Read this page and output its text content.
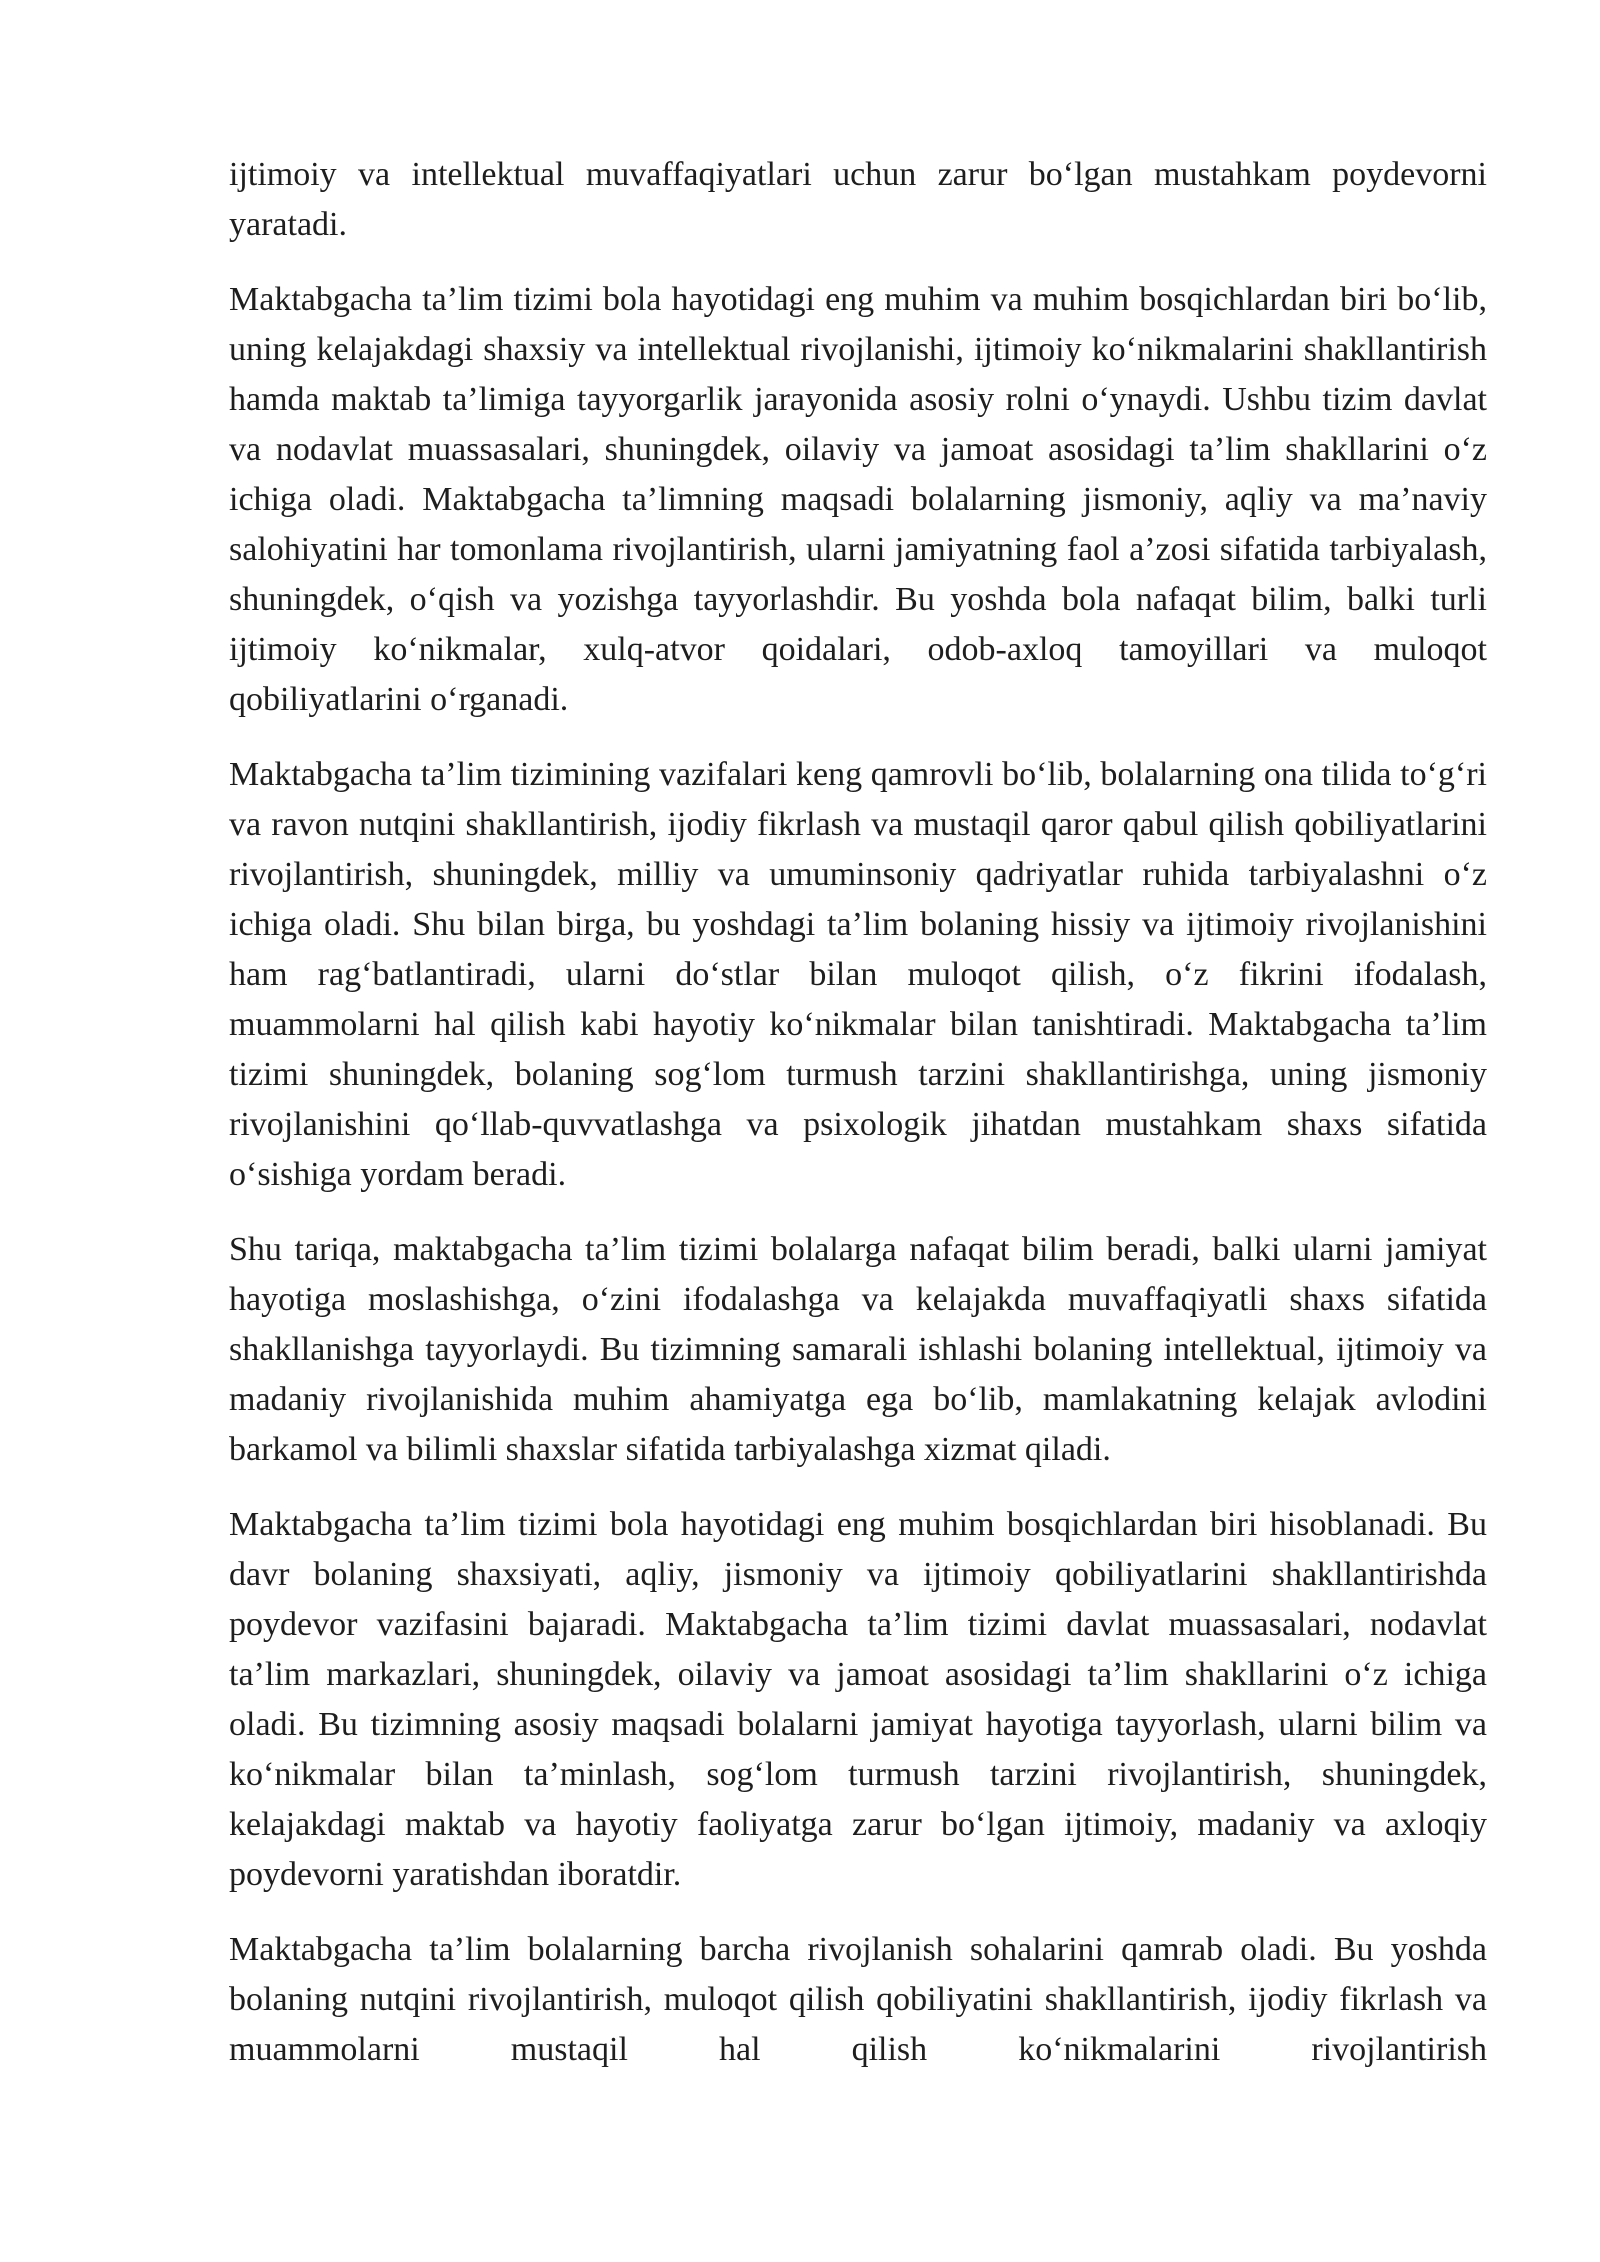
ijtimoiy va intellektual muvaffaqiyatlari uchun zarur bo‘lgan mustahkam poydevorni yaratadi.

Maktabgacha ta’lim tizimi bola hayotidagi eng muhim va muhim bosqichlardan biri bo‘lib, uning kelajakdagi shaxsiy va intellektual rivojlanishi, ijtimoiy ko‘nikmalarini shakllantirish hamda maktab ta’limiga tayyorgarlik jarayonida asosiy rolni o‘ynaydi. Ushbu tizim davlat va nodavlat muassasalari, shuningdek, oilaviy va jamoat asosidagi ta’lim shakllarini o‘z ichiga oladi. Maktabgacha ta’limning maqsadi bolalarning jismoniy, aqliy va ma’naviy salohiyatini har tomonlama rivojlantirish, ularni jamiyatning faol a’zosi sifatida tarbiyalash, shuningdek, o‘qish va yozishga tayyorlashdir. Bu yoshda bola nafaqat bilim, balki turli ijtimoiy ko‘nikmalar, xulq-atvor qoidalari, odob-axloq tamoyillari va muloqot qobiliyatlarini o‘rganadi.

Maktabgacha ta’lim tizimining vazifalari keng qamrovli bo‘lib, bolalarning ona tilida to‘g‘ri va ravon nutqini shakllantirish, ijodiy fikrlash va mustaqil qaror qabul qilish qobiliyatlarini rivojlantirish, shuningdek, milliy va umuminsoniy qadriyatlar ruhida tarbiyalashni o‘z ichiga oladi. Shu bilan birga, bu yoshdagi ta’lim bolaning hissiy va ijtimoiy rivojlanishini ham rag‘batlantiradi, ularni do‘stlar bilan muloqot qilish, o‘z fikrini ifodalash, muammolarni hal qilish kabi hayotiy ko‘nikmalar bilan tanishtiradi. Maktabgacha ta’lim tizimi shuningdek, bolaning sog‘lom turmush tarzini shakllantirishga, uning jismoniy rivojlanishini qo‘llab-quvvatlashga va psixologik jihatdan mustahkam shaxs sifatida o‘sishiga yordam beradi.

Shu tariqa, maktabgacha ta’lim tizimi bolalarga nafaqat bilim beradi, balki ularni jamiyat hayotiga moslashishga, o‘zini ifodalashga va kelajakda muvaffaqiyatli shaxs sifatida shakllanishga tayyorlaydi. Bu tizimning samarali ishlashi bolaning intellektual, ijtimoiy va madaniy rivojlanishida muhim ahamiyatga ega bo‘lib, mamlakatning kelajak avlodini barkamol va bilimli shaxslar sifatida tarbiyalashga xizmat qiladi.

Maktabgacha ta’lim tizimi bola hayotidagi eng muhim bosqichlardan biri hisoblanadi. Bu davr bolaning shaxsiyati, aqliy, jismoniy va ijtimoiy qobiliyatlarini shakllantirishda poydevor vazifasini bajaradi. Maktabgacha ta’lim tizimi davlat muassasalari, nodavlat ta’lim markazlari, shuningdek, oilaviy va jamoat asosidagi ta’lim shakllarini o‘z ichiga oladi. Bu tizimning asosiy maqsadi bolalarni jamiyat hayotiga tayyorlash, ularni bilim va ko‘nikmalar bilan ta’minlash, sog‘lom turmush tarzini rivojlantirish, shuningdek, kelajakdagi maktab va hayotiy faoliyatga zarur bo‘lgan ijtimoiy, madaniy va axloqiy poydevorni yaratishdan iboratdir.

Maktabgacha ta’lim bolalarning barcha rivojlanish sohalarini qamrab oladi. Bu yoshda bolaning nutqini rivojlantirish, muloqot qilish qobiliyatini shakllantirish, ijodiy fikrlash va muammolarni mustaqil hal qilish ko‘nikmalarini rivojlantirish
